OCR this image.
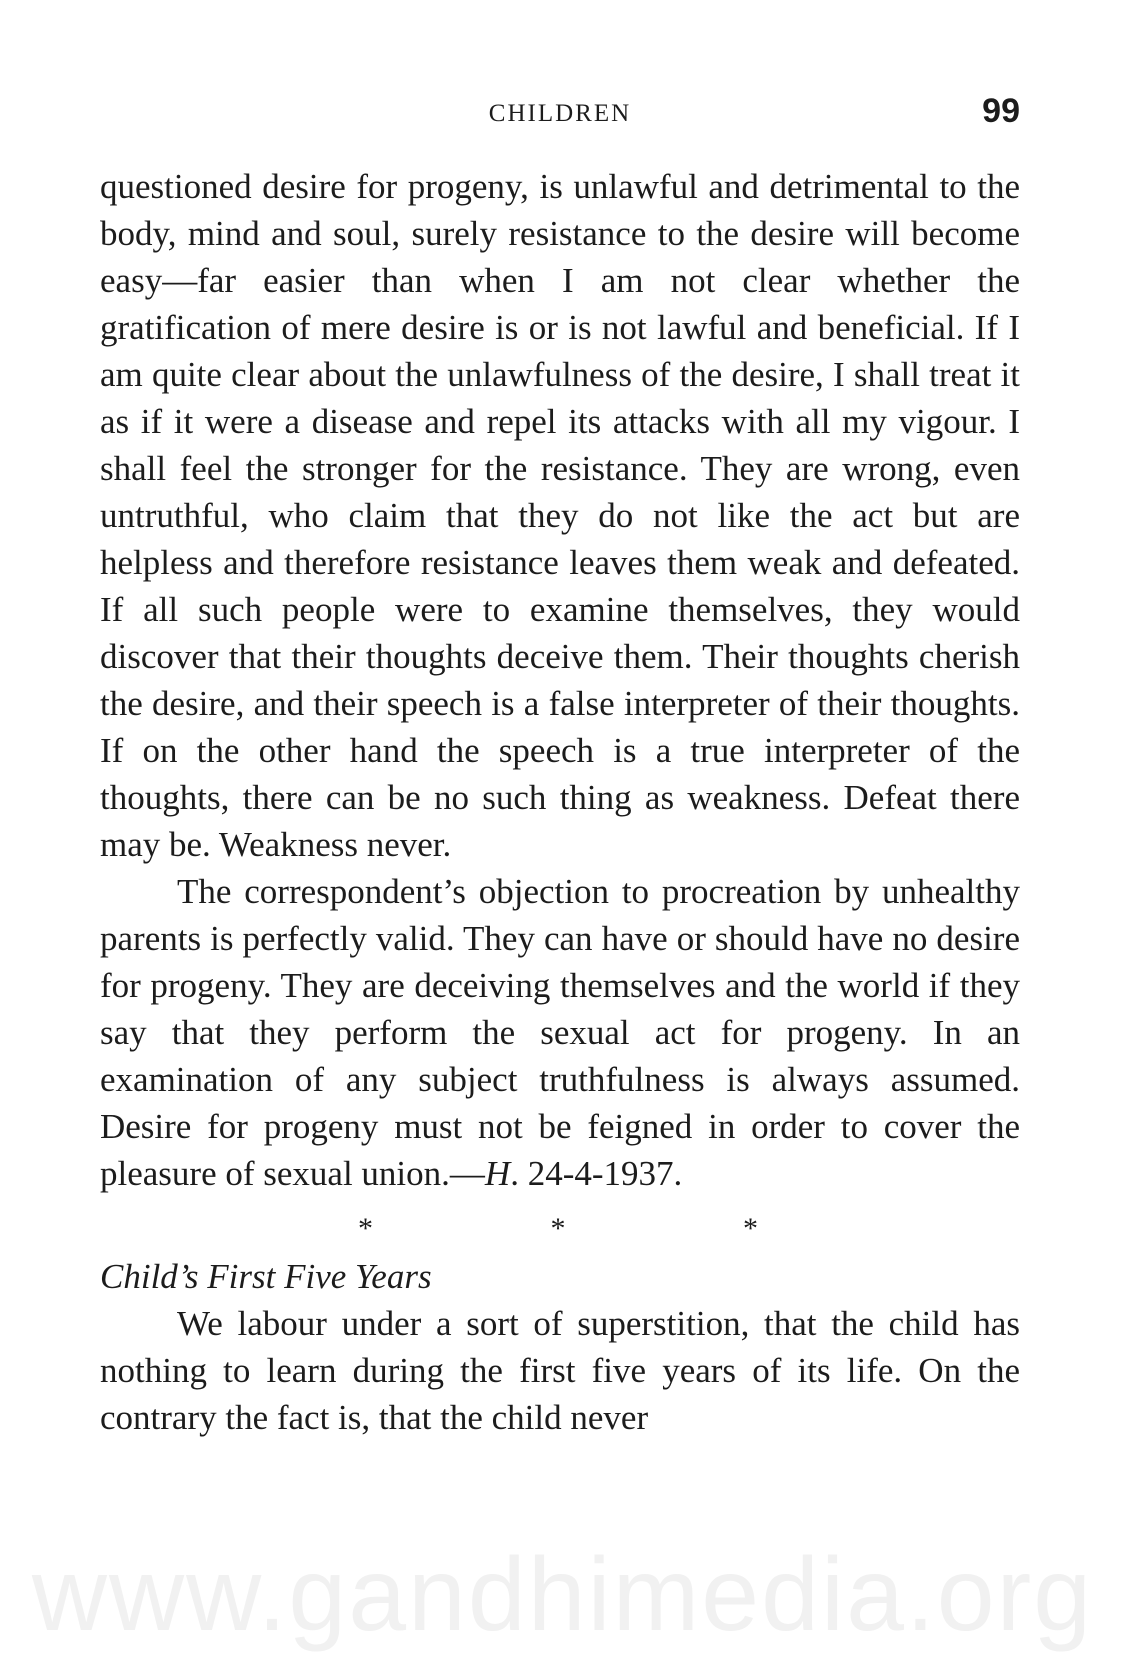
CHILDREN	99

questioned desire for progeny, is unlawful and detrimental to the body, mind and soul, surely resistance to the desire will become easy—far easier than when I am not clear whether the gratification of mere desire is or is not lawful and beneficial. If I am quite clear about the unlawfulness of the desire, I shall treat it as if it were a disease and repel its attacks with all my vigour. I shall feel the stronger for the resistance. They are wrong, even untruthful, who claim that they do not like the act but are helpless and therefore resistance leaves them weak and defeated. If all such people were to examine themselves, they would discover that their thoughts deceive them. Their thoughts cherish the desire, and their speech is a false interpreter of their thoughts. If on the other hand the speech is a true interpreter of the thoughts, there can be no such thing as weakness. Defeat there may be. Weakness never.

The correspondent’s objection to procreation by unhealthy parents is perfectly valid. They can have or should have no desire for progeny. They are deceiving themselves and the world if they say that they perform the sexual act for progeny. In an examination of any subject truthfulness is always assumed. Desire for progeny must not be feigned in order to cover the pleasure of sexual union.—H. 24-4-1937.

*	*	*

Child’s First Five Years

We labour under a sort of superstition, that the child has nothing to learn during the first five years of its life. On the contrary the fact is, that the child never

www.gandhimedia.org
